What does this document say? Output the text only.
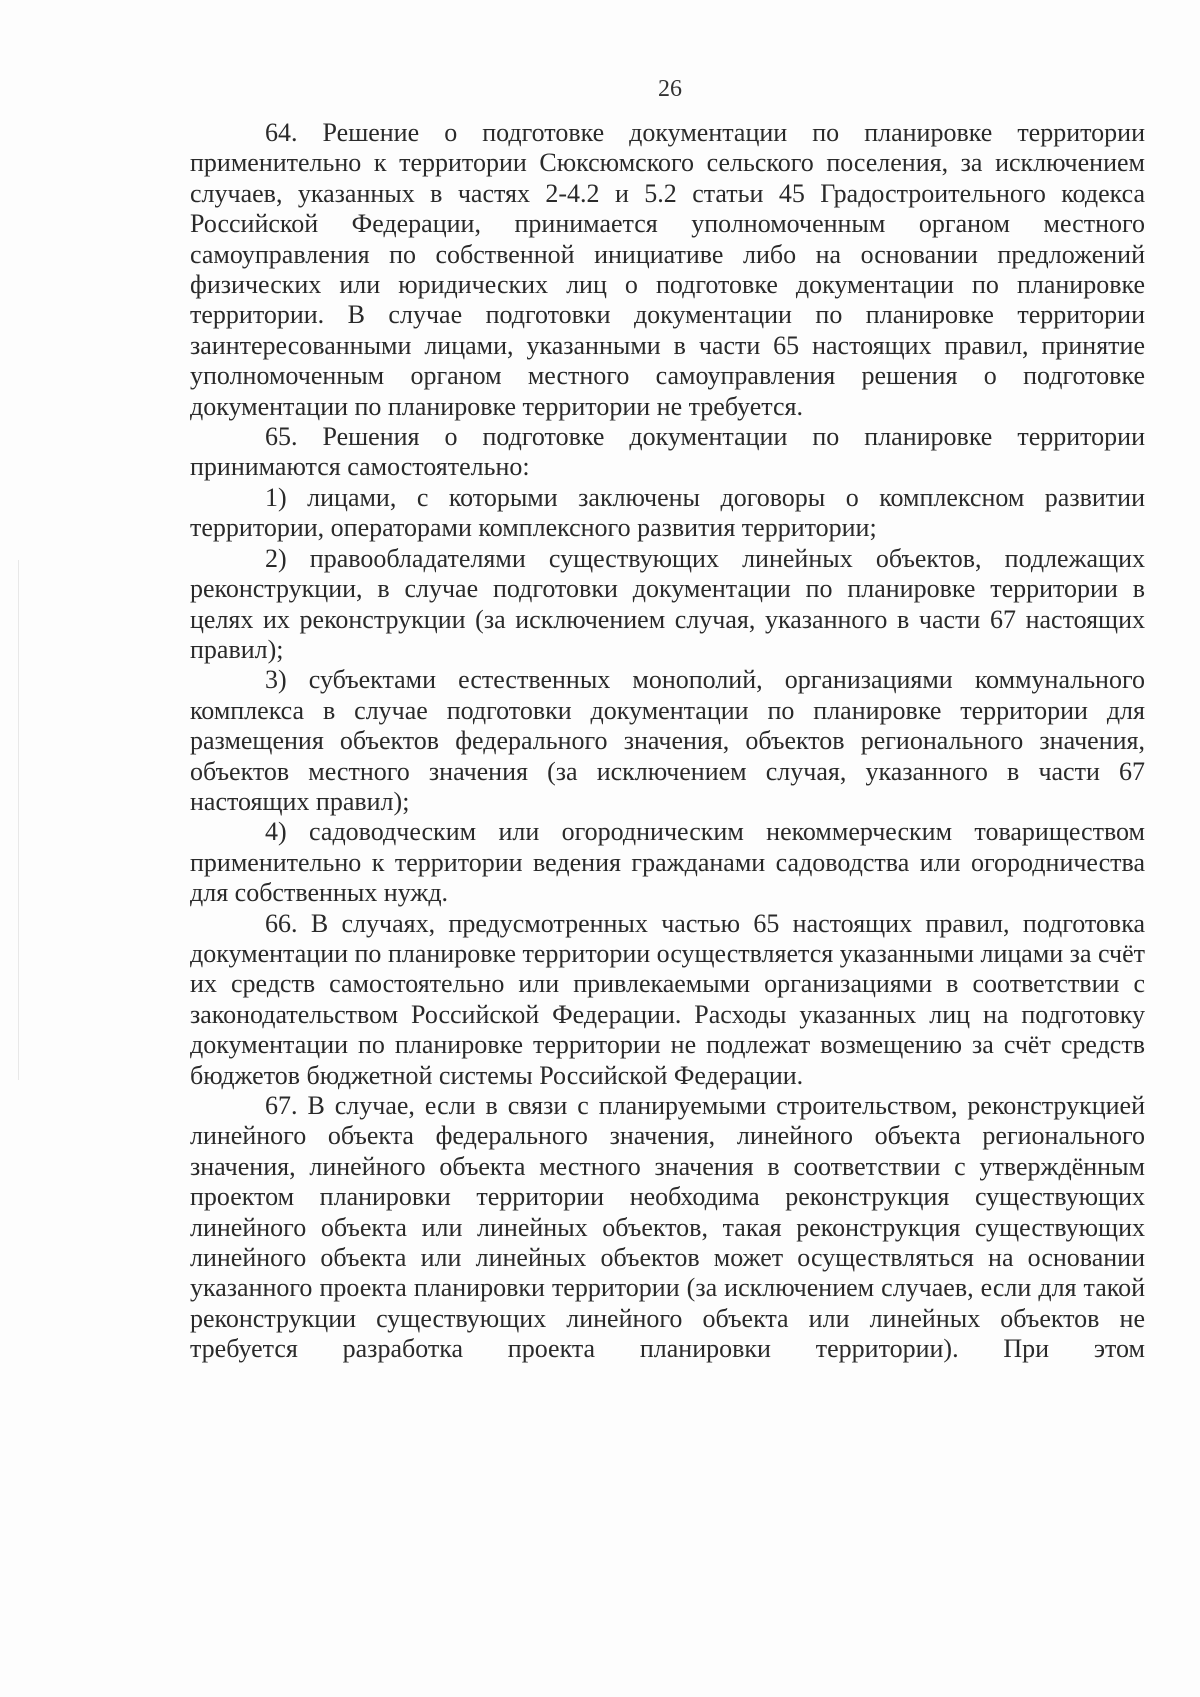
26

64. Решение о подготовке документации по планировке территории применительно к территории Сюксюмского сельского поселения, за исключением случаев, указанных в частях 2-4.2 и 5.2 статьи 45 Градостроительного кодекса Российской Федерации, принимается уполномоченным органом местного самоуправления по собственной инициативе либо на основании предложений физических или юридических лиц о подготовке документации по планировке территории. В случае подготовки документации по планировке территории заинтересованными лицами, указанными в части 65 настоящих правил, принятие уполномоченным органом местного самоуправления решения о подготовке документации по планировке территории не требуется.

65. Решения о подготовке документации по планировке территории принимаются самостоятельно:

1) лицами, с которыми заключены договоры о комплексном развитии территории, операторами комплексного развития территории;

2) правообладателями существующих линейных объектов, подлежащих реконструкции, в случае подготовки документации по планировке территории в целях их реконструкции (за исключением случая, указанного в части 67 настоящих правил);

3) субъектами естественных монополий, организациями коммунального комплекса в случае подготовки документации по планировке территории для размещения объектов федерального значения, объектов регионального значения, объектов местного значения (за исключением случая, указанного в части 67 настоящих правил);

4) садоводческим или огородническим некоммерческим товариществом применительно к территории ведения гражданами садоводства или огородничества для собственных нужд.

66. В случаях, предусмотренных частью 65 настоящих правил, подготовка документации по планировке территории осуществляется указанными лицами за счёт их средств самостоятельно или привлекаемыми организациями в соответствии с законодательством Российской Федерации. Расходы указанных лиц на подготовку документации по планировке территории не подлежат возмещению за счёт средств бюджетов бюджетной системы Российской Федерации.

67. В случае, если в связи с планируемыми строительством, реконструкцией линейного объекта федерального значения, линейного объекта регионального значения, линейного объекта местного значения в соответствии с утверждённым проектом планировки территории необходима реконструкция существующих линейного объекта или линейных объектов, такая реконструкция существующих линейного объекта или линейных объектов может осуществляться на основании указанного проекта планировки территории (за исключением случаев, если для такой реконструкции существующих линейного объекта или линейных объектов не требуется разработка проекта планировки территории). При этом
